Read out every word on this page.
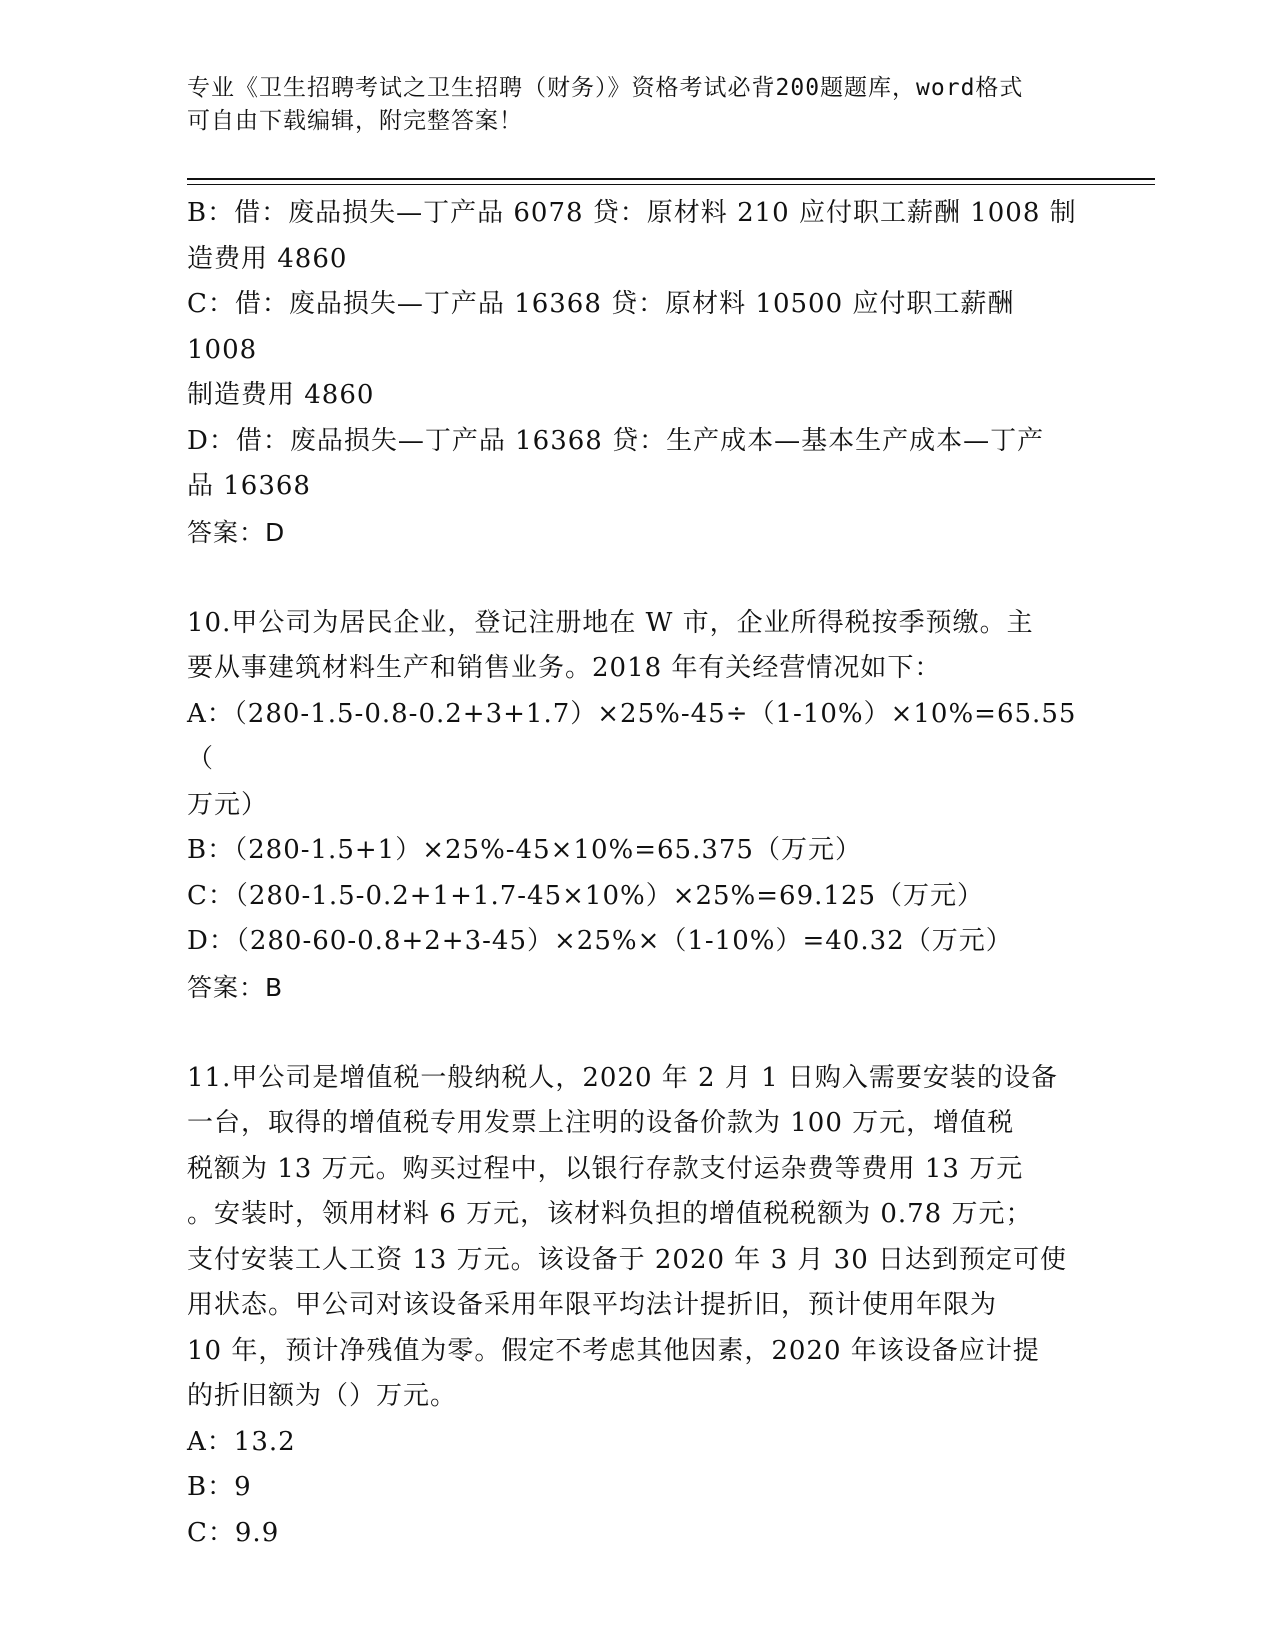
专业《卫生招聘考试之卫生招聘（财务）》资格考试必背200题题库，word格式
可自由下载编辑，附完整答案！

B：借：废品损失—丁产品 6078 贷：原材料 210 应付职工薪酬 1008 制

造费用 4860

C：借：废品损失—丁产品 16368 贷：原材料 10500 应付职工薪酬 1008

制造费用 4860

D：借：废品损失—丁产品 16368 贷：生产成本—基本生产成本—丁产

品 16368

答案：D

10.甲公司为居民企业，登记注册地在 W 市，企业所得税按季预缴。主

要从事建筑材料生产和销售业务。2018 年有关经营情况如下：

A：（280-1.5-0.8-0.2+3+1.7）×25%-45÷（1-10%）×10%=65.55（

万元）

B：（280-1.5+1）×25%-45×10%=65.375（万元）

C：（280-1.5-0.2+1+1.7-45×10%）×25%=69.125（万元）

D：（280-60-0.8+2+3-45）×25%×（1-10%）=40.32（万元）

答案：B

11.甲公司是增值税一般纳税人，2020 年 2 月 1 日购入需要安装的设备

一台，取得的增值税专用发票上注明的设备价款为 100 万元，增值税

税额为 13 万元。购买过程中，以银行存款支付运杂费等费用 13 万元

。安装时，领用材料 6 万元，该材料负担的增值税税额为 0.78 万元；

支付安装工人工资 13 万元。该设备于 2020 年 3 月 30 日达到预定可使

用状态。甲公司对该设备采用年限平均法计提折旧，预计使用年限为

10 年，预计净残值为零。假定不考虑其他因素，2020 年该设备应计提

的折旧额为（）万元。

A：13.2

B：9

C：9.9
